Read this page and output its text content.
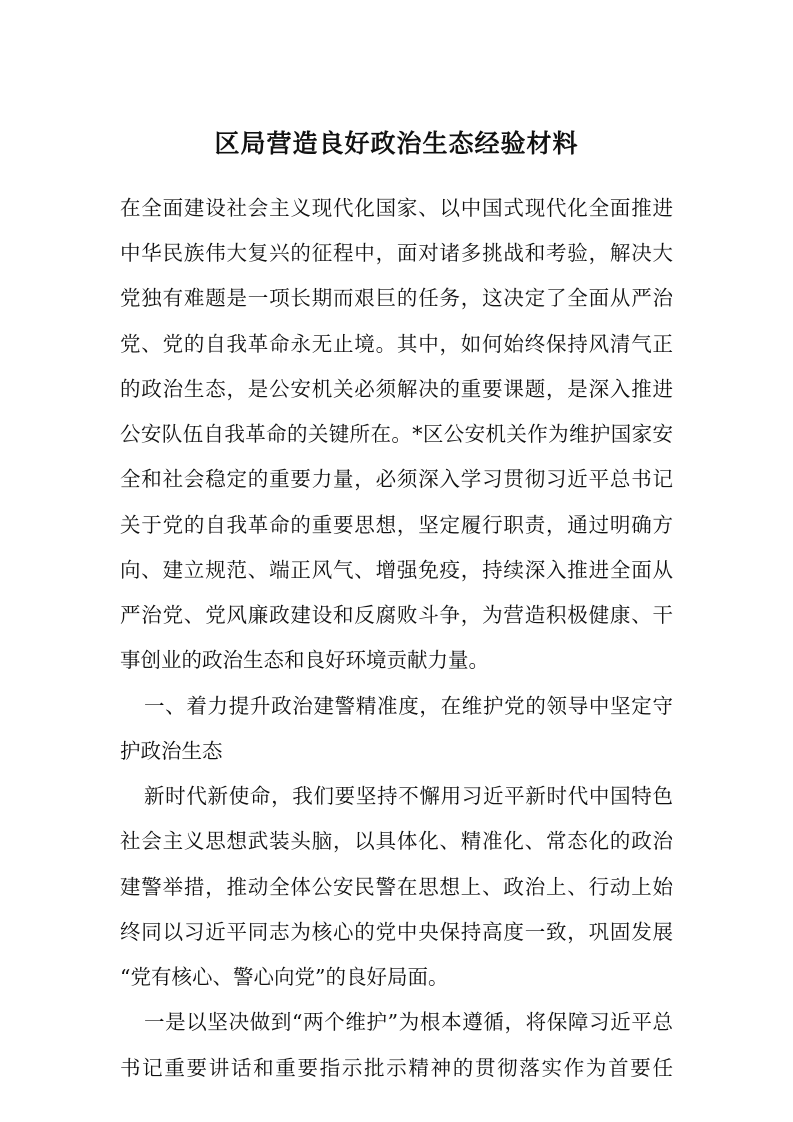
区局营造良好政治生态经验材料
在全面建设社会主义现代化国家、以中国式现代化全面推进
中华民族伟大复兴的征程中，面对诸多挑战和考验，解决大
党独有难题是一项长期而艰巨的任务，这决定了全面从严治
党、党的自我革命永无止境。其中，如何始终保持风清气正
的政治生态，是公安机关必须解决的重要课题，是深入推进
公安队伍自我革命的关键所在。*区公安机关作为维护国家安
全和社会稳定的重要力量，必须深入学习贯彻习近平总书记
关于党的自我革命的重要思想，坚定履行职责，通过明确方
向、建立规范、端正风气、增强免疫，持续深入推进全面从
严治党、党风廉政建设和反腐败斗争，为营造积极健康、干
事创业的政治生态和良好环境贡献力量。
一、着力提升政治建警精准度，在维护党的领导中坚定守
护政治生态
新时代新使命，我们要坚持不懈用习近平新时代中国特色
社会主义思想武装头脑，以具体化、精准化、常态化的政治
建警举措，推动全体公安民警在思想上、政治上、行动上始
终同以习近平同志为核心的党中央保持高度一致，巩固发展
“党有核心、警心向党”的良好局面。
一是以坚决做到“两个维护”为根本遵循，将保障习近平总
书记重要讲话和重要指示批示精神的贯彻落实作为首要任
